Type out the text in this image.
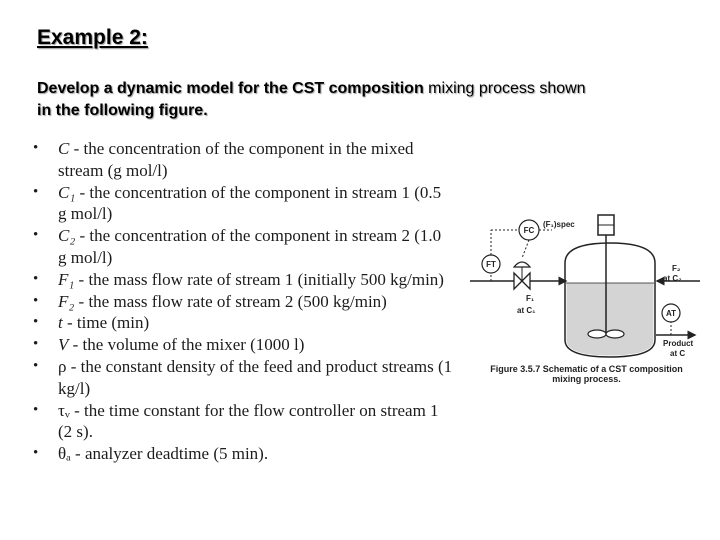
Example 2:
Develop a dynamic model for the CST composition mixing process shown
in the following figure.
•	C - the concentration of the component in the mixed stream (g mol/l)
•	C₁ - the concentration of the component in stream 1 (0.5 g mol/l)
•	C₂ - the concentration of the component in stream 2 (1.0 g mol/l)
•	F₁ - the mass flow rate of stream 1 (initially 500 kg/min)
•	F₂ - the mass flow rate of stream 2 (500 kg/min)
•	t - time (min)
•	V - the volume of the mixer (1000 l)
•	ρ - the constant density of the feed and product streams (1 kg/l)
•	τᵥ - the time constant for the flow controller on stream 1 (2 s).
•	θₐ - analyzer deadtime (5 min).
FC
(F₁)spec
FT
AT
F₂
at C₂
F₁
at C₁
Product
at C
Figure 3.5.7 Schematic of a CST composition
mixing process.
